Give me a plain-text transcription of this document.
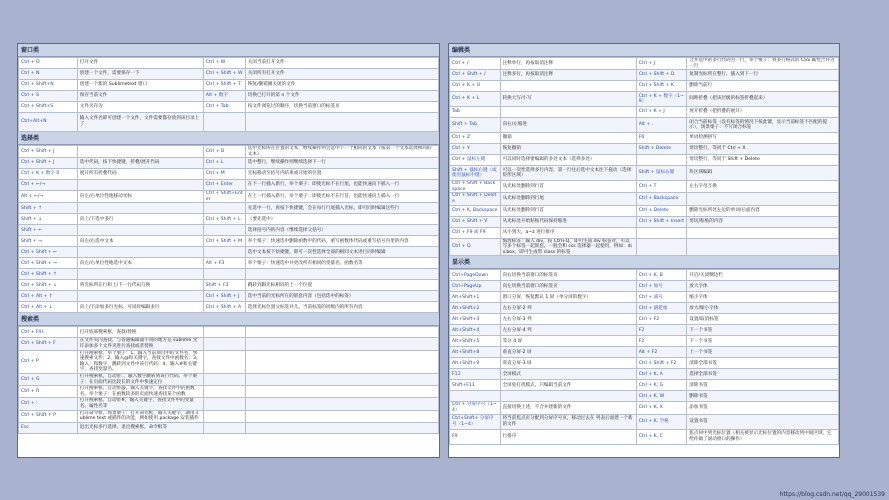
窗口类
Ctrl + O	打开文件	Ctrl + W	关闭当前打开文件
Ctrl + N	创建一个文件，需要保存一下	Ctrl + Shift + W	关闭所有打开文件
Ctrl + Shift+N	创建一个新的 Sublimetext 窗口	Ctrl + Shift + T	恢复/撤销刚关闭的文件
Ctrl + S	保存当前文件	Alt + 数字	切换已打开的第 n 个文件
Ctrl + Shift+S	文件另存为	Ctrl + Tab	按文件浏览过的顺序，切换当前窗口的标签页
Ctrl+Alt+N	输入文件名即可创建一个文件，文件需要都存放到该目录上了		
选择类
Ctrl + Shift + J		Ctrl + D	选中光标所在位置的文本，继续操作则会选中下一个相同的文本（按第一个文本选择相同的文本）
Ctrl + Shift + J	选中代码，按下快捷键，折叠/展开代码	Ctrl + L	选中整行，继续操作则继续选择下一行
Ctrl + K + 数字 0	展开所有折叠代码	Ctrl + M	光标移动至括号内结束或开始的位置
Ctrl + ←/→		Ctrl + Enter	在下一行插入新行，举个栗子：即使光标不在行尾，也能快速向下插入一行
Alt + ←/→	向左/右单位性地移动光标	Ctrl + Shift+Enter	在上一行插入新行，举个栗子：即使光标不在行首，也能快速向上插入一行
Shift + ↑			先选中一行，再按下快捷键，会在每行行尾插入光标，即可同时编辑这些行
Shift + ↓	向上/下选中多行	Ctrl + Shift + L	（要先选中）
Shift + ←			选择括号内的内容（继续选择父括号）
Shift + →	向左/右选中文本	Ctrl + Shift + M	举个栗子：快速选中删除函数中的代码，重写函数体代码或重写括号内里的内容
Ctrl + Shift + ←			选中文本按下快捷键，即可一次性选择全部的相同文本进行同时编辑
Ctrl + Shift + →	向左/右单位性地选中文本	Alt + F3	举个栗子：快速选中并更改所有相同的变量名、函数名等
Ctrl + Shift + ↑			
Ctrl + Shift + ↓	将光标所在行和上/下一行代码互换	Shift + F3	跳转到跟光标相同的上一个位置
Ctrl + Alt + ↑		Ctrl + Shift + J	选中当前的光标所在的嵌套内容（包括选中的标签）
Ctrl + Alt + ↓	向上/下添加多行光标，可同时编辑多行	Ctrl + Shift + A	选择光标位置父标签对儿，当前标签的同级内的所有内容
搜索类
Ctrl + F/H	打开底部搜索框，查找/替换		
Ctrl + Shift + F	在文件夹内查找，与普通编辑器不同的地方是 sublime 允许添加多个文件夹进行查找或者替换		
Ctrl + P	打开搜索框。举个栗子：1、输入当前项目中的文件名，快速搜索文件；2、输入@和关键字，查找文件中函数名；3、输入：和数字，跳转到文件中该行代码；4、输入#和关键字，查找变量名。		
Ctrl + G	打开搜索框，自动带：，输入数字跳转到该行代码。举个栗子：在页面代码比较长的文件中快速定位		
Ctrl + R	打开搜索框，自动带@，输入关键字，查找文件中的函数名。举个栗子：在函数较多的页面快速查找某个函数		
Ctrl + :	打开搜索框，自动带#，输入关键字，查找文件中的变量名、属性名等		
Ctrl + Shift + P	打开命令框。场景栗子：打开命名框，输入关键字，调用 sublime text 或插件的功能，例如使用 package 安装插件		
Esc	退出光标多行选择，退出搜索框，命令框等		
编辑类
Ctrl + /	注释单行，再按取消注释	Ctrl + J	合并选中的多行代码为一行，举个栗子：将多行格式的 CSS 属性合并为一行
Ctrl + Shift + /	注释多行，再按取消注释	Ctrl + Shift + D	复制光标所在整行，插入到下一行
Ctrl + K + U		Ctrl + Shift + K	删除当前行
Ctrl + K + L	转换大写/小写	Ctrl + K + 数字（1~9）	间距折叠（把该层级的标签折叠起来）
Tab		Ctrl + K + J	展开折叠（把折叠的展开）
Shift + Tab	向右/左缩进	Alt + .	闭合当前标签（没有标签的情况下按此键，显示当前标签不匹配的提示），场景栗子：不写闭合标签
Ctrl + Z	撤销	F6	单词检测拼写
Ctrl + Y	恢复撤销	Shift + Delete	剪切整行，等同于 Ctrl + X
Ctrl + 鼠标左键	可以同时选择要编辑的多处文本（选择多处）		剪切整行，等同于 Shift + Delete
Shift + 鼠标右键（或使用鼠标中键）	可以一次性选择多行内容，第一行往后选中文本往下拖动（选择矩形区域）	Shift + 鼠标右键	块区域编辑
Ctrl + Shift + Backspace	从光标处删除到行首	Ctrl + T	左右字母互换
Ctrl + Shift + Delete	从光标处删除到行尾	Ctrl + Backspace	
Ctrl + K, Backspace	从光标处删除到行首	Ctrl + Delete	删除光标所处左边的单词/后面内容
Ctrl + Shift + V	从光标处开始粘贴代码保持缩进	Ctrl + Shift + Insert	剪切/粘贴的内容
Ctrl + F9 或 F9	从小到大，a~z 进行排序		
Ctrl + Q	缩放标签：输入 div，按 Ctrl+Q，即可生成 div 标签对，可以写多个标签一起嵌套，一般会和 css 选择器一起使用，例如：div.box，即可生成带 class 的标签		
显示类
Ctrl+PageDown	向右切换当前窗口的标签页	Ctrl + K, B	开启/关闭侧边栏
Ctrl+PageUp	向左切换当前窗口的标签页	Ctrl + 加号	放大字体
Alt+Shift+1	窗口分屏，恢复默认 1 屏（单分屏的数字）	Ctrl + 减号	缩小字体
Alt+Shift+2	左右分屏-2 列	Ctrl + 滚轮加	放大/缩小字体
Alt+Shift+3	左右分屏-3 列	Ctrl + F2	设置/取消标签
Alt+Shift+4	左右分屏-4 列	F2	下一个书签
Alt+Shift+5	等分 4 屏	F2	下一个书签
Alt+Shift+8	垂直分屏-2 屏	Alt + F2	上一个书签
Alt+Shift+9	垂直分屏-3 屏	Ctrl + Shift + F2	清除全部书签
F11	全屏模式	Ctrl + K, A	选择全部书签
Shift+F11	全屏免打扰模式，只编辑当前文件	Ctrl + K, G	清除书签
		Ctrl + K, W	删除书签
Ctrl + 分屏序号（1~4）	直接切换上述，不合并建新的文件	Ctrl + K, X	添加书签
Ctrl+Shift+ 分屏序号（1~4）	将当前焦点页分配到分屏序号页，移动过去在 列表后面建一个新的文件	Ctrl + K, 空格	设置书签
F9	行排序	Ctrl + K, C	焦点回中到光标位置（相关被显示光标位置的内容移动到中间区域，它给你做了滚动窗口的操作）
https://blog.csdn.net/qq_29001539
